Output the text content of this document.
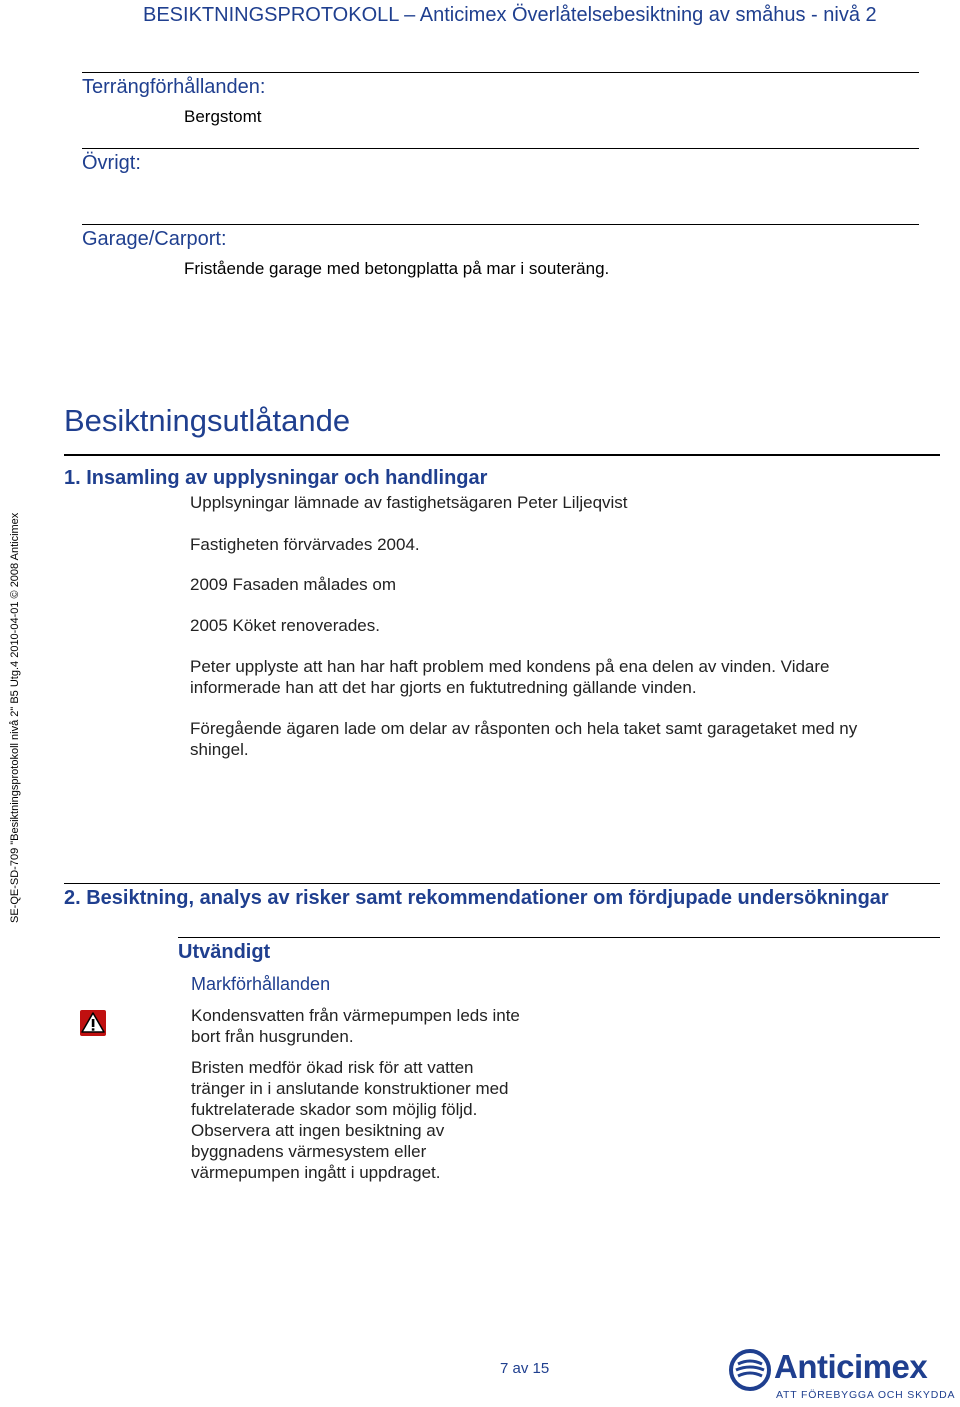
BESIKTNINGSPROTOKOLL – Anticimex Överlåtelsebesiktning av småhus - nivå 2
SE-QE-SD-709 "Besiktningsprotokoll nivå 2" B5 Utg.4 2010-04-01 © 2008 Anticimex
Terrängförhållanden:
Bergstomt
Övrigt:
Garage/Carport:
Fristående garage med betongplatta på mar i souteräng.
Besiktningsutlåtande
1. Insamling av upplysningar och handlingar
Upplsyningar lämnade av fastighetsägaren Peter Liljeqvist
Fastigheten förvärvades 2004.
2009 Fasaden målades om
2005 Köket renoverades.
Peter upplyste att han har haft problem med kondens på ena delen av vinden. Vidare informerade han att det har gjorts en fuktutredning gällande vinden.
Föregående ägaren lade om delar av råsponten och hela taket samt garagetaket med ny shingel.
2. Besiktning, analys av risker samt rekommendationer om fördjupade undersökningar
Utvändigt
Markförhållanden
Kondensvatten från värmepumpen leds inte bort från husgrunden.
Bristen medför ökad risk för att vatten tränger in i anslutande konstruktioner med fuktrelaterade skador som möjlig följd. Observera att ingen besiktning av byggnadens värmesystem eller värmepumpen ingått i uppdraget.
7 av 15	Anticimex
ATT FÖREBYGGA OCH SKYDDA
